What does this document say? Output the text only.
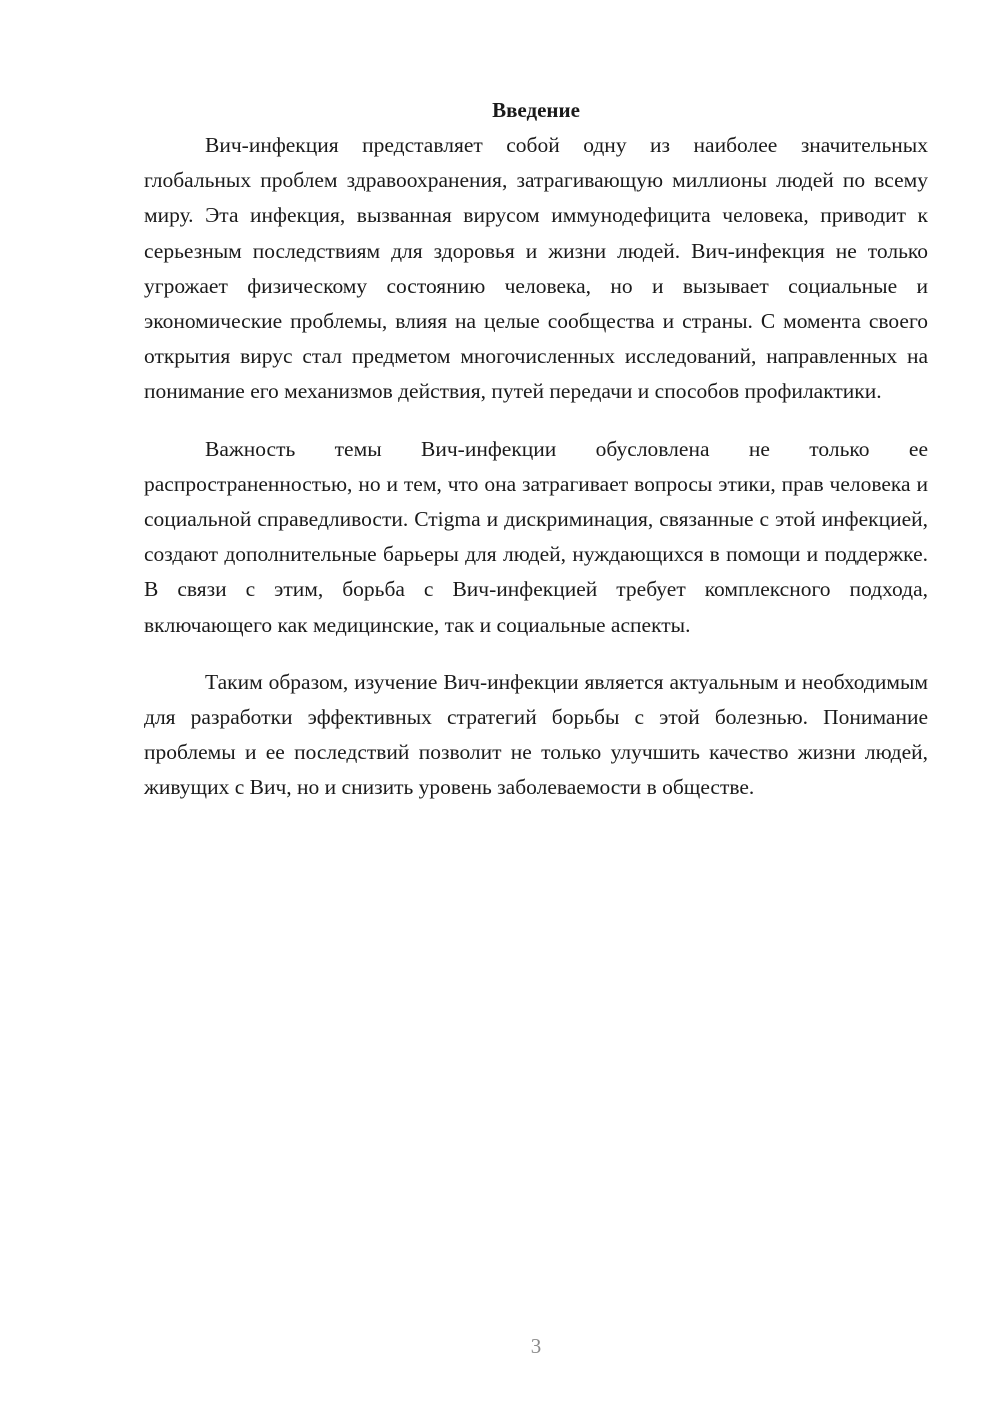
Введение

Вич-инфекция представляет собой одну из наиболее значительных глобальных проблем здравоохранения, затрагивающую миллионы людей по всему миру. Эта инфекция, вызванная вирусом иммунодефицита человека, приводит к серьезным последствиям для здоровья и жизни людей. Вич-инфекция не только угрожает физическому состоянию человека, но и вызывает социальные и экономические проблемы, влияя на целые сообщества и страны. С момента своего открытия вирус стал предметом многочисленных исследований, направленных на понимание его механизмов действия, путей передачи и способов профилактики.

Важность темы Вич-инфекции обусловлена не только ее распространенностью, но и тем, что она затрагивает вопросы этики, прав человека и социальной справедливости. Стigma и дискриминация, связанные с этой инфекцией, создают дополнительные барьеры для людей, нуждающихся в помощи и поддержке. В связи с этим, борьба с Вич-инфекцией требует комплексного подхода, включающего как медицинские, так и социальные аспекты.

Таким образом, изучение Вич-инфекции является актуальным и необходимым для разработки эффективных стратегий борьбы с этой болезнью. Понимание проблемы и ее последствий позволит не только улучшить качество жизни людей, живущих с Вич, но и снизить уровень заболеваемости в обществе.

3
